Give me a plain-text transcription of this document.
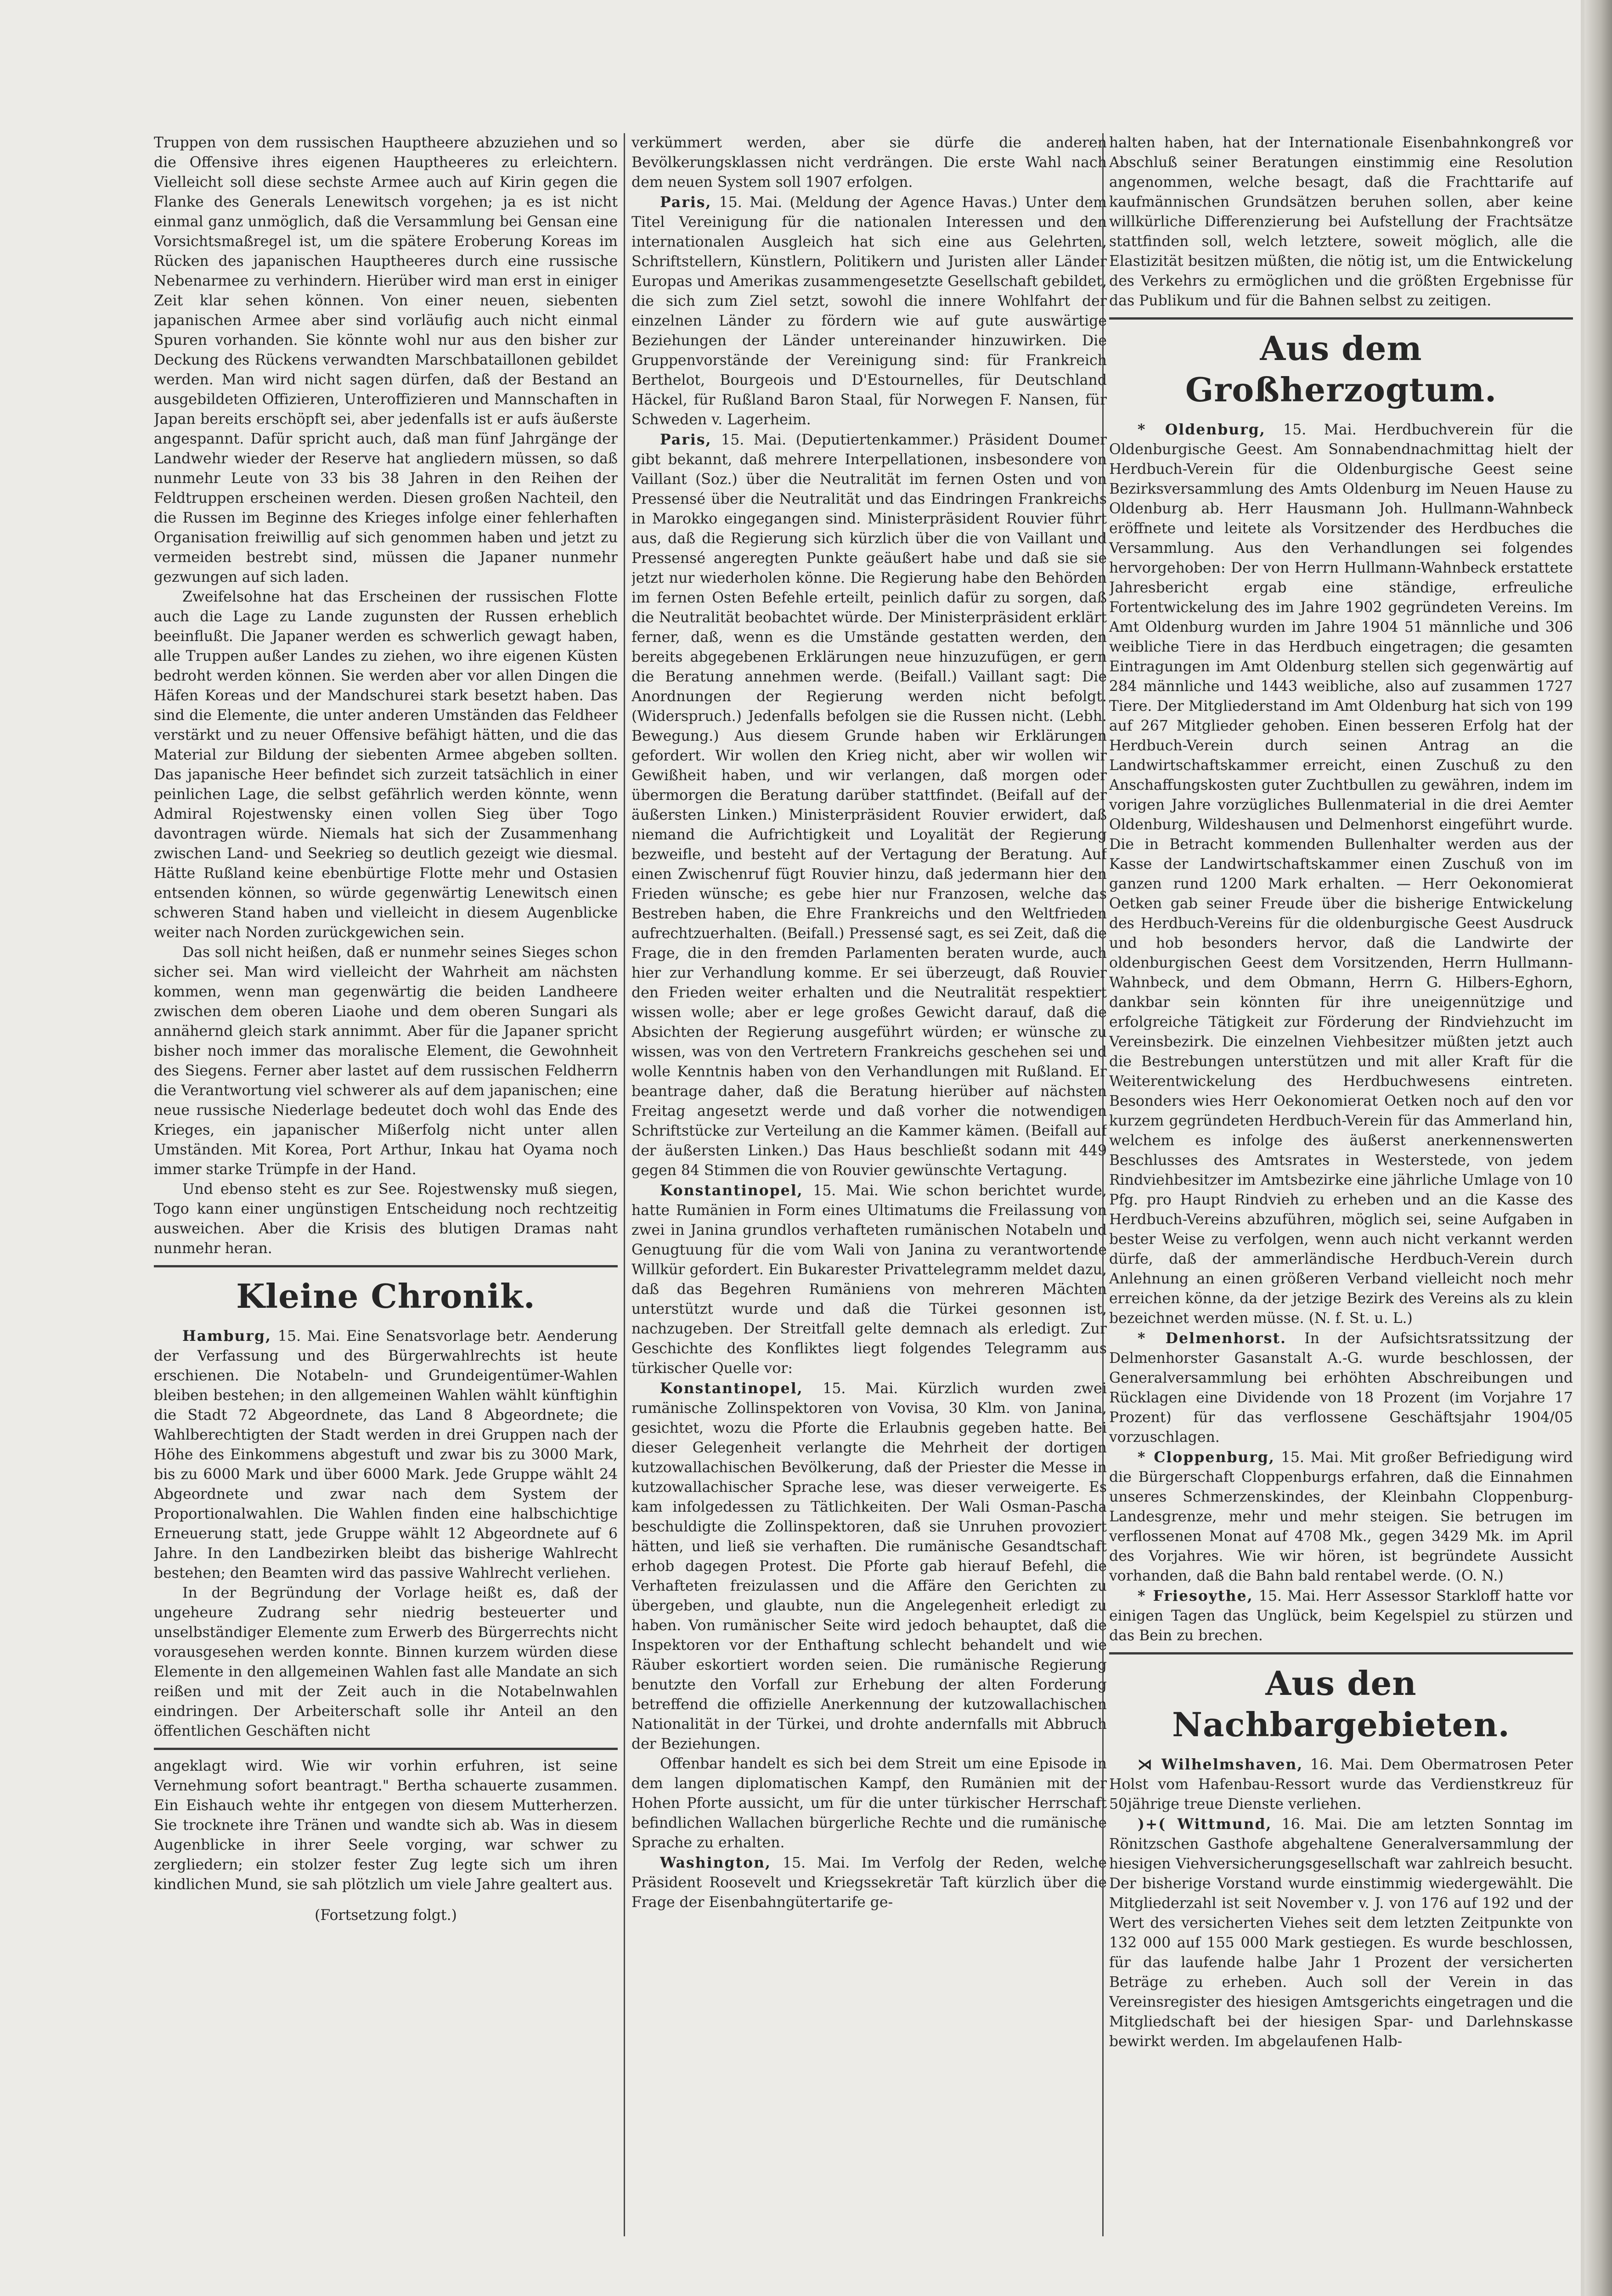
Truppen von dem russischen Hauptheere abzuziehen und so die Offensive ihres eigenen Hauptheeres zu erleichtern. Vielleicht soll diese sechste Armee auch auf Kirin gegen die Flanke des Generals Lenewitsch vorgehen; ja es ist nicht einmal ganz unmöglich, daß die Versammlung bei Gensan eine Vorsichtsmaßregel ist, um die spätere Eroberung Koreas im Rücken des japanischen Hauptheeres durch eine russische Nebenarmee zu verhindern. Hierüber wird man erst in einiger Zeit klar sehen können. Von einer neuen, siebenten japanischen Armee aber sind vorläufig auch nicht einmal Spuren vorhanden. Sie könnte wohl nur aus den bisher zur Deckung des Rückens verwandten Marschbataillonen gebildet werden. Man wird nicht sagen dürfen, daß der Bestand an ausgebildeten Offizieren, Unteroffizieren und Mannschaften in Japan bereits erschöpft sei, aber jedenfalls ist er aufs äußerste angespannt. Dafür spricht auch, daß man fünf Jahrgänge der Landwehr wieder der Reserve hat angliedern müssen, so daß nunmehr Leute von 33 bis 38 Jahren in den Reihen der Feldtruppen erscheinen werden. Diesen großen Nachteil, den die Russen im Beginne des Krieges infolge einer fehlerhaften Organisation freiwillig auf sich genommen haben und jetzt zu vermeiden bestrebt sind, müssen die Japaner nunmehr gezwungen auf sich laden.

Zweifelsohne hat das Erscheinen der russischen Flotte auch die Lage zu Lande zugunsten der Russen erheblich beeinflußt. Die Japaner werden es schwerlich gewagt haben, alle Truppen außer Landes zu ziehen, wo ihre eigenen Küsten bedroht werden können. Sie werden aber vor allen Dingen die Häfen Koreas und der Mandschurei stark besetzt haben. Das sind die Elemente, die unter anderen Umständen das Feldheer verstärkt und zu neuer Offensive befähigt hätten, und die das Material zur Bildung der siebenten Armee abgeben sollten. Das japanische Heer befindet sich zurzeit tatsächlich in einer peinlichen Lage, die selbst gefährlich werden könnte, wenn Admiral Rojestwensky einen vollen Sieg über Togo davontragen würde. Niemals hat sich der Zusammenhang zwischen Land- und Seekrieg so deutlich gezeigt wie diesmal. Hätte Rußland keine ebenbürtige Flotte mehr und Ostasien entsenden können, so würde gegenwärtig Lenewitsch einen schweren Stand haben und vielleicht in diesem Augenblicke weiter nach Norden zurückgewichen sein.

Das soll nicht heißen, daß er nunmehr seines Sieges schon sicher sei. Man wird vielleicht der Wahrheit am nächsten kommen, wenn man gegenwärtig die beiden Landheere zwischen dem oberen Liaohe und dem oberen Sungari als annähernd gleich stark annimmt. Aber für die Japaner spricht bisher noch immer das moralische Element, die Gewohnheit des Siegens. Ferner aber lastet auf dem russischen Feldherrn die Verantwortung viel schwerer als auf dem japanischen; eine neue russische Niederlage bedeutet doch wohl das Ende des Krieges, ein japanischer Mißerfolg nicht unter allen Umständen. Mit Korea, Port Arthur, Inkau hat Oyama noch immer starke Trümpfe in der Hand.

Und ebenso steht es zur See. Rojestwensky muß siegen, Togo kann einer ungünstigen Entscheidung noch rechtzeitig ausweichen. Aber die Krisis des blutigen Dramas naht nunmehr heran.

Kleine Chronik.

Hamburg, 15. Mai. Eine Senatsvorlage betr. Aenderung der Verfassung und des Bürgerwahlrechts ist heute erschienen. Die Notabeln- und Grundeigentümer-Wahlen bleiben bestehen; in den allgemeinen Wahlen wählt künftighin die Stadt 72 Abgeordnete, das Land 8 Abgeordnete; die Wahlberechtigten der Stadt werden in drei Gruppen nach der Höhe des Einkommens abgestuft und zwar bis zu 3000 Mark, bis zu 6000 Mark und über 6000 Mark. Jede Gruppe wählt 24 Abgeordnete und zwar nach dem System der Proportionalwahlen. Die Wahlen finden eine halbschichtige Erneuerung statt, jede Gruppe wählt 12 Abgeordnete auf 6 Jahre. In den Landbezirken bleibt das bisherige Wahlrecht bestehen; den Beamten wird das passive Wahlrecht verliehen.

In der Begründung der Vorlage heißt es, daß der ungeheure Zudrang sehr niedrig besteuerter und unselbständiger Elemente zum Erwerb des Bürgerrechts nicht vorausgesehen werden konnte. Binnen kurzem würden diese Elemente in den allgemeinen Wahlen fast alle Mandate an sich reißen und mit der Zeit auch in die Notabelnwahlen eindringen. Der Arbeiterschaft solle ihr Anteil an den öffentlichen Geschäften nicht

angeklagt wird. Wie wir vorhin erfuhren, ist seine Vernehmung sofort beantragt." Bertha schauerte zusammen. Ein Eishauch wehte ihr entgegen von diesem Mutterherzen. Sie trocknete ihre Tränen und wandte sich ab. Was in diesem Augenblicke in ihrer Seele vorging, war schwer zu zergliedern; ein stolzer fester Zug legte sich um ihren kindlichen Mund, sie sah plötzlich um viele Jahre gealtert aus.

(Fortsetzung folgt.)

verkümmert werden, aber sie dürfe die anderen Bevölkerungsklassen nicht verdrängen. Die erste Wahl nach dem neuen System soll 1907 erfolgen.

Paris, 15. Mai. (Meldung der Agence Havas.) Unter dem Titel Vereinigung für die nationalen Interessen und den internationalen Ausgleich hat sich eine aus Gelehrten, Schriftstellern, Künstlern, Politikern und Juristen aller Länder Europas und Amerikas zusammengesetzte Gesellschaft gebildet, die sich zum Ziel setzt, sowohl die innere Wohlfahrt der einzelnen Länder zu fördern wie auf gute auswärtige Beziehungen der Länder untereinander hinzuwirken. Die Gruppenvorstände der Vereinigung sind: für Frankreich Berthelot, Bourgeois und D'Estournelles, für Deutschland Häckel, für Rußland Baron Staal, für Norwegen F. Nansen, für Schweden v. Lagerheim.

Paris, 15. Mai. (Deputiertenkammer.) Präsident Doumer gibt bekannt, daß mehrere Interpellationen, insbesondere von Vaillant (Soz.) über die Neutralität im fernen Osten und von Pressensé über die Neutralität und das Eindringen Frankreichs in Marokko eingegangen sind. Ministerpräsident Rouvier führt aus, daß die Regierung sich kürzlich über die von Vaillant und Pressensé angeregten Punkte geäußert habe und daß sie sie jetzt nur wiederholen könne. Die Regierung habe den Behörden im fernen Osten Befehle erteilt, peinlich dafür zu sorgen, daß die Neutralität beobachtet würde. Der Ministerpräsident erklärt ferner, daß, wenn es die Umstände gestatten werden, den bereits abgegebenen Erklärungen neue hinzuzufügen, er gern die Beratung annehmen werde. (Beifall.) Vaillant sagt: Die Anordnungen der Regierung werden nicht befolgt. (Widerspruch.) Jedenfalls befolgen sie die Russen nicht. (Lebh. Bewegung.) Aus diesem Grunde haben wir Erklärungen gefordert. Wir wollen den Krieg nicht, aber wir wollen wir Gewißheit haben, und wir verlangen, daß morgen oder übermorgen die Beratung darüber stattfindet. (Beifall auf der äußersten Linken.) Ministerpräsident Rouvier erwidert, daß niemand die Aufrichtigkeit und Loyalität der Regierung bezweifle, und besteht auf der Vertagung der Beratung. Auf einen Zwischenruf fügt Rouvier hinzu, daß jedermann hier den Frieden wünsche; es gebe hier nur Franzosen, welche das Bestreben haben, die Ehre Frankreichs und den Weltfrieden aufrechtzuerhalten. (Beifall.) Pressensé sagt, es sei Zeit, daß die Frage, die in den fremden Parlamenten beraten wurde, auch hier zur Verhandlung komme. Er sei überzeugt, daß Rouvier den Frieden weiter erhalten und die Neutralität respektiert wissen wolle; aber er lege großes Gewicht darauf, daß die Absichten der Regierung ausgeführt würden; er wünsche zu wissen, was von den Vertretern Frankreichs geschehen sei und wolle Kenntnis haben von den Verhandlungen mit Rußland. Er beantrage daher, daß die Beratung hierüber auf nächsten Freitag angesetzt werde und daß vorher die notwendigen Schriftstücke zur Verteilung an die Kammer kämen. (Beifall auf der äußersten Linken.) Das Haus beschließt sodann mit 449 gegen 84 Stimmen die von Rouvier gewünschte Vertagung.

Konstantinopel, 15. Mai. Wie schon berichtet wurde, hatte Rumänien in Form eines Ultimatums die Freilassung von zwei in Janina grundlos verhafteten rumänischen Notabeln und Genugtuung für die vom Wali von Janina zu verantwortende Willkür gefordert. Ein Bukarester Privattelegramm meldet dazu, daß das Begehren Rumäniens von mehreren Mächten unterstützt wurde und daß die Türkei gesonnen ist, nachzugeben. Der Streitfall gelte demnach als erledigt. Zur Geschichte des Konfliktes liegt folgendes Telegramm aus türkischer Quelle vor:

Konstantinopel, 15. Mai. Kürzlich wurden zwei rumänische Zollinspektoren von Vovisa, 30 Klm. von Janina, gesichtet, wozu die Pforte die Erlaubnis gegeben hatte. Bei dieser Gelegenheit verlangte die Mehrheit der dortigen kutzowallachischen Bevölkerung, daß der Priester die Messe in kutzowallachischer Sprache lese, was dieser verweigerte. Es kam infolgedessen zu Tätlichkeiten. Der Wali Osman-Pascha beschuldigte die Zollinspektoren, daß sie Unruhen provoziert hätten, und ließ sie verhaften. Die rumänische Gesandtschaft erhob dagegen Protest. Die Pforte gab hierauf Befehl, die Verhafteten freizulassen und die Affäre den Gerichten zu übergeben, und glaubte, nun die Angelegenheit erledigt zu haben. Von rumänischer Seite wird jedoch behauptet, daß die Inspektoren vor der Enthaftung schlecht behandelt und wie Räuber eskortiert worden seien. Die rumänische Regierung benutzte den Vorfall zur Erhebung der alten Forderung betreffend die offizielle Anerkennung der kutzowallachischen Nationalität in der Türkei, und drohte andernfalls mit Abbruch der Beziehungen.

Offenbar handelt es sich bei dem Streit um eine Episode in dem langen diplomatischen Kampf, den Rumänien mit der Hohen Pforte aussicht, um für die unter türkischer Herrschaft befindlichen Wallachen bürgerliche Rechte und die rumänische Sprache zu erhalten.

Washington, 15. Mai. Im Verfolg der Reden, welche Präsident Roosevelt und Kriegssekretär Taft kürzlich über die Frage der Eisenbahngütertarife ge-

halten haben, hat der Internationale Eisenbahnkongreß vor Abschluß seiner Beratungen einstimmig eine Resolution angenommen, welche besagt, daß die Frachttarife auf kaufmännischen Grundsätzen beruhen sollen, aber keine willkürliche Differenzierung bei Aufstellung der Frachtsätze stattfinden soll, welch letztere, soweit möglich, alle die Elastizität besitzen müßten, die nötig ist, um die Entwickelung des Verkehrs zu ermöglichen und die größten Ergebnisse für das Publikum und für die Bahnen selbst zu zeitigen.

Aus dem Großherzogtum.

* Oldenburg, 15. Mai. Herdbuchverein für die Oldenburgische Geest. Am Sonnabendnachmittag hielt der Herdbuch-Verein für die Oldenburgische Geest seine Bezirksversammlung des Amts Oldenburg im Neuen Hause zu Oldenburg ab. Herr Hausmann Joh. Hullmann-Wahnbeck eröffnete und leitete als Vorsitzender des Herdbuches die Versammlung. Aus den Verhandlungen sei folgendes hervorgehoben: Der von Herrn Hullmann-Wahnbeck erstattete Jahresbericht ergab eine ständige, erfreuliche Fortentwickelung des im Jahre 1902 gegründeten Vereins. Im Amt Oldenburg wurden im Jahre 1904 51 männliche und 306 weibliche Tiere in das Herdbuch eingetragen; die gesamten Eintragungen im Amt Oldenburg stellen sich gegenwärtig auf 284 männliche und 1443 weibliche, also auf zusammen 1727 Tiere. Der Mitgliederstand im Amt Oldenburg hat sich von 199 auf 267 Mitglieder gehoben. Einen besseren Erfolg hat der Herdbuch-Verein durch seinen Antrag an die Landwirtschaftskammer erreicht, einen Zuschuß zu den Anschaffungskosten guter Zuchtbullen zu gewähren, indem im vorigen Jahre vorzügliches Bullenmaterial in die drei Aemter Oldenburg, Wildeshausen und Delmenhorst eingeführt wurde. Die in Betracht kommenden Bullenhalter werden aus der Kasse der Landwirtschaftskammer einen Zuschuß von im ganzen rund 1200 Mark erhalten. — Herr Oekonomierat Oetken gab seiner Freude über die bisherige Entwickelung des Herdbuch-Vereins für die oldenburgische Geest Ausdruck und hob besonders hervor, daß die Landwirte der oldenburgischen Geest dem Vorsitzenden, Herrn Hullmann-Wahnbeck, und dem Obmann, Herrn G. Hilbers-Eghorn, dankbar sein könnten für ihre uneigennützige und erfolgreiche Tätigkeit zur Förderung der Rindviehzucht im Vereinsbezirk. Die einzelnen Viehbesitzer müßten jetzt auch die Bestrebungen unterstützen und mit aller Kraft für die Weiterentwickelung des Herdbuchwesens eintreten. Besonders wies Herr Oekonomierat Oetken noch auf den vor kurzem gegründeten Herdbuch-Verein für das Ammerland hin, welchem es infolge des äußerst anerkennenswerten Beschlusses des Amtsrates in Westerstede, von jedem Rindviehbesitzer im Amtsbezirke eine jährliche Umlage von 10 Pfg. pro Haupt Rindvieh zu erheben und an die Kasse des Herdbuch-Vereins abzuführen, möglich sei, seine Aufgaben in bester Weise zu verfolgen, wenn auch nicht verkannt werden dürfe, daß der ammerländische Herdbuch-Verein durch Anlehnung an einen größeren Verband vielleicht noch mehr erreichen könne, da der jetzige Bezirk des Vereins als zu klein bezeichnet werden müsse. (N. f. St. u. L.)

* Delmenhorst. In der Aufsichtsratssitzung der Delmenhorster Gasanstalt A.-G. wurde beschlossen, der Generalversammlung bei erhöhten Abschreibungen und Rücklagen eine Dividende von 18 Prozent (im Vorjahre 17 Prozent) für das verflossene Geschäftsjahr 1904/05 vorzuschlagen.

* Cloppenburg, 15. Mai. Mit großer Befriedigung wird die Bürgerschaft Cloppenburgs erfahren, daß die Einnahmen unseres Schmerzenskindes, der Kleinbahn Cloppenburg-Landesgrenze, mehr und mehr steigen. Sie betrugen im verflossenen Monat auf 4708 Mk., gegen 3429 Mk. im April des Vorjahres. Wie wir hören, ist begründete Aussicht vorhanden, daß die Bahn bald rentabel werde. (O. N.)

* Friesoythe, 15. Mai. Herr Assessor Starkloff hatte vor einigen Tagen das Unglück, beim Kegelspiel zu stürzen und das Bein zu brechen.

Aus den Nachbargebieten.

⋊ Wilhelmshaven, 16. Mai. Dem Obermatrosen Peter Holst vom Hafenbau-Ressort wurde das Verdienstkreuz für 50jährige treue Dienste verliehen.

)+( Wittmund, 16. Mai. Die am letzten Sonntag im Rönitzschen Gasthofe abgehaltene Generalversammlung der hiesigen Viehversicherungsgesellschaft war zahlreich besucht. Der bisherige Vorstand wurde einstimmig wiedergewählt. Die Mitgliederzahl ist seit November v. J. von 176 auf 192 und der Wert des versicherten Viehes seit dem letzten Zeitpunkte von 132 000 auf 155 000 Mark gestiegen. Es wurde beschlossen, für das laufende halbe Jahr 1 Prozent der versicherten Beträge zu erheben. Auch soll der Verein in das Vereinsregister des hiesigen Amtsgerichts eingetragen und die Mitgliedschaft bei der hiesigen Spar- und Darlehnskasse bewirkt werden. Im abgelaufenen Halb-
